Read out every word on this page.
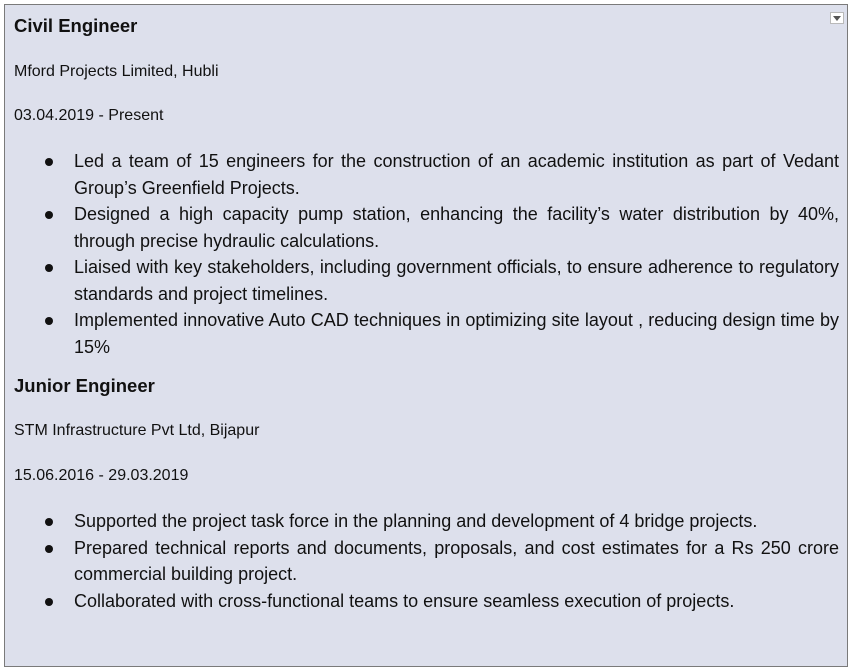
Civil Engineer

Mford Projects Limited, Hubli

03.04.2019 - Present

Led a team of 15 engineers for the construction of an academic institution as part of Vedant Group’s Greenfield Projects.
Designed a high capacity pump station, enhancing the facility’s water distribution by 40%, through precise hydraulic calculations.
Liaised with key stakeholders, including government officials, to ensure adherence to regulatory standards and project timelines.
Implemented innovative Auto CAD techniques in optimizing site layout , reducing design time by 15%
Junior Engineer

STM Infrastructure Pvt Ltd, Bijapur

15.06.2016 - 29.03.2019

Supported the project task force in the planning and development of 4 bridge projects.
Prepared technical reports and documents, proposals, and cost estimates for a Rs 250 crore commercial building project.
Collaborated with cross-functional teams to ensure seamless execution of projects.
